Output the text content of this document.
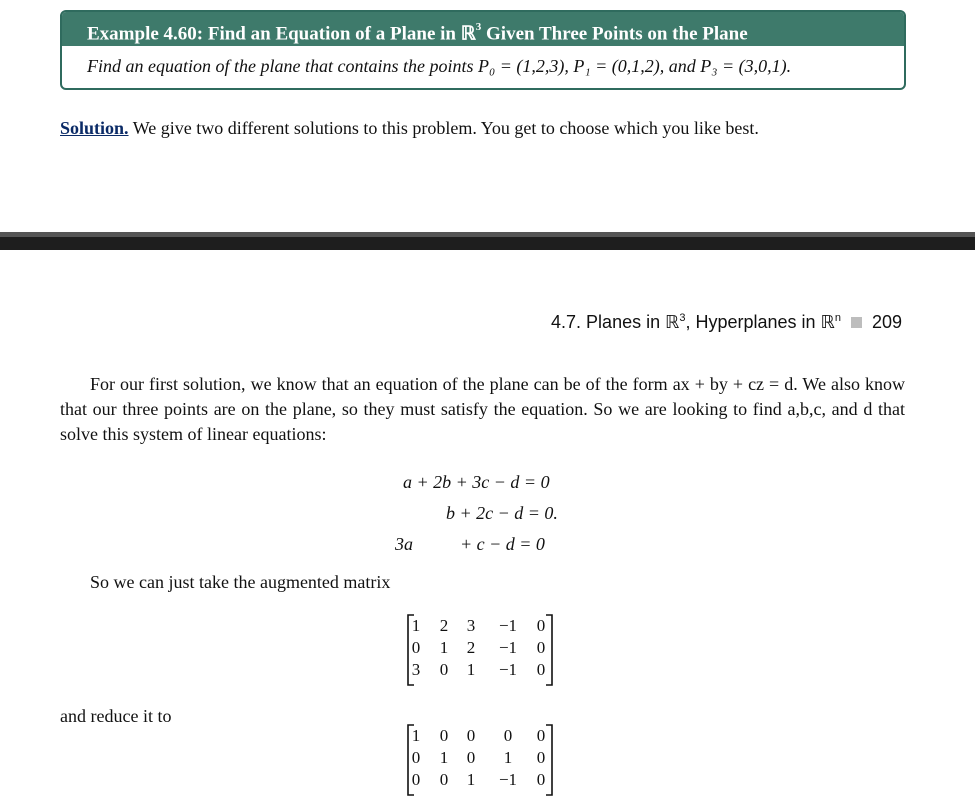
Example 4.60: Find an Equation of a Plane in ℝ$^3$ Given Three Points on the Plane
Find an equation of the plane that contains the points P₀ = (1,2,3), P₁ = (0,1,2), and P₃ = (3,0,1).
Solution. We give two different solutions to this problem. You get to choose which you like best.
4.7. Planes in ℝ$^3$, Hyperplanes in ℝ$^n$ 209
For our first solution, we know that an equation of the plane can be of the form ax + by + cz = d. We also know that our three points are on the plane, so they must satisfy the equation. So we are looking to find a,b,c, and d that solve this system of linear equations:
a + 2b + 3c − d = 0
b + 2c − d = 0.
3a	+ c − d = 0
So we can just take the augmented matrix
and reduce it to
1	2	3	−1	0
0	1	2	−1	0
3	0	1	−1	0
1	0	0	0	0
0	1	0	1	0
0	0	1	−1	0
